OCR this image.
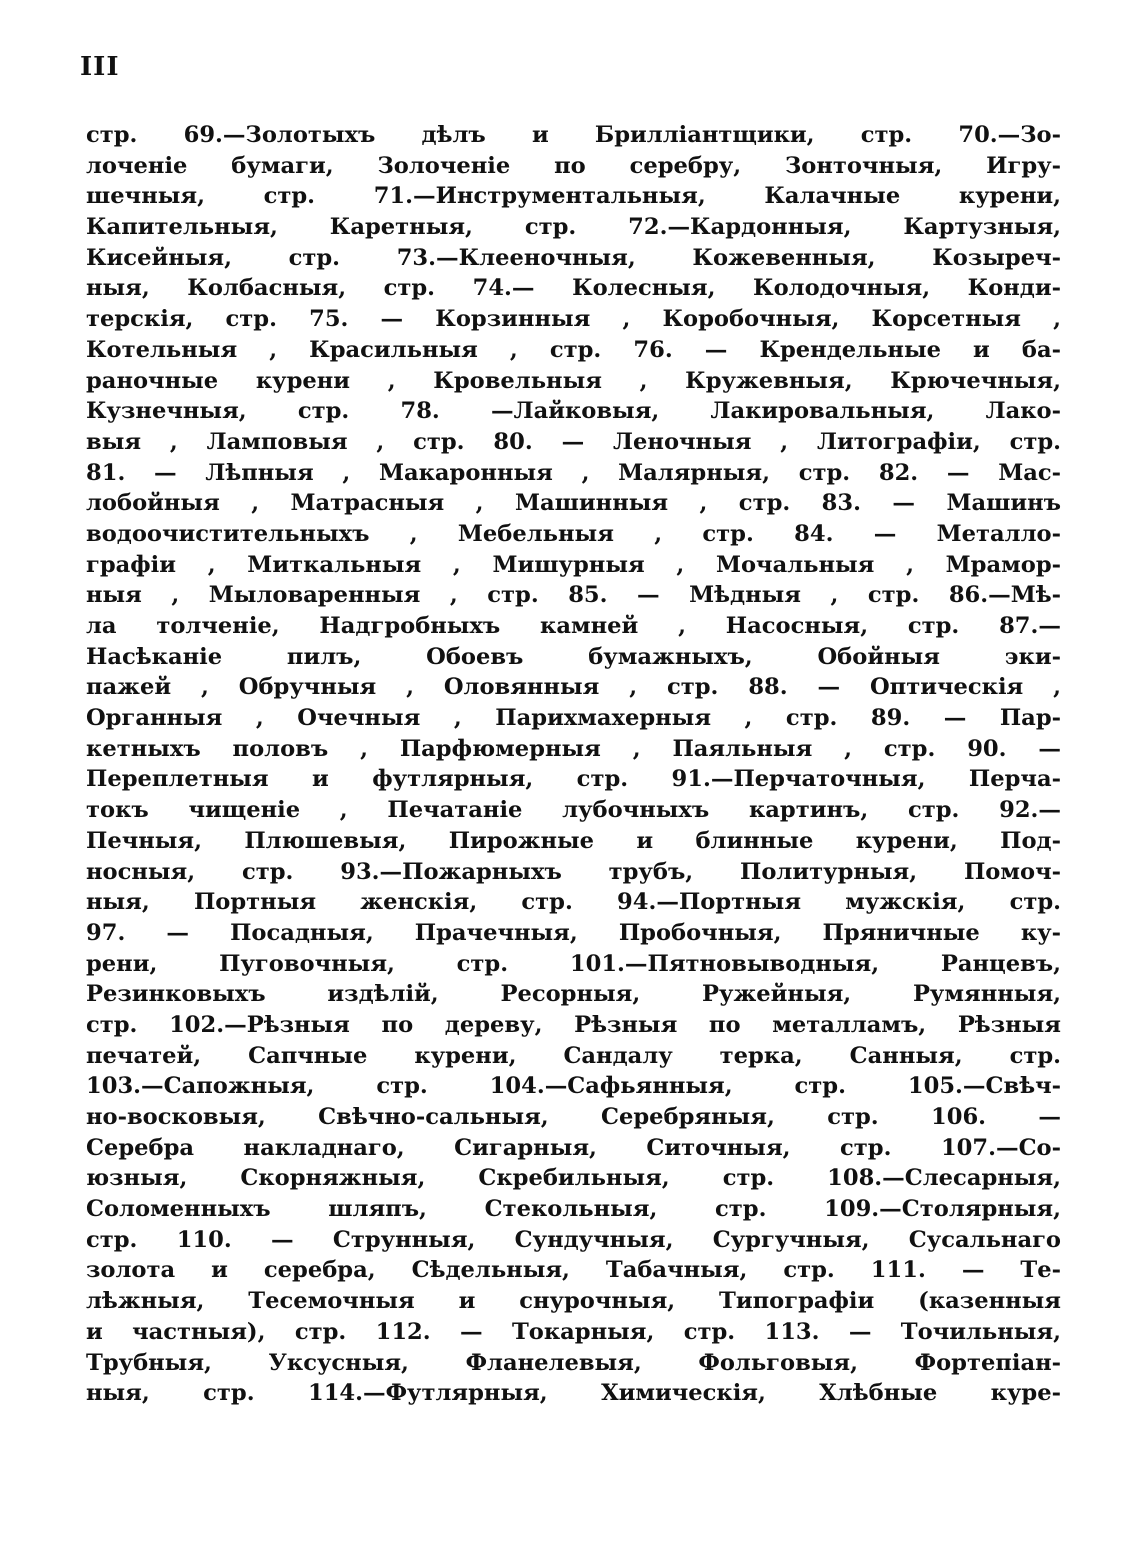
III
стр. 69.—Золотыхъ дѣлъ и Брилліантщики, стр. 70.—Зо-
лоченіе бумаги, Золоченіе по серебру, Зонточныя, Игру-
шечныя, стр. 71.—Инструментальныя, Калачные курени,
Капительныя, Каретныя, стр. 72.—Кардонныя, Картузныя,
Кисейныя, стр. 73.—Клееночныя, Кожевенныя, Козыреч-
ныя, Колбасныя, стр. 74.— Колесныя, Колодочныя, Конди-
терскія, стр. 75. — Корзинныя , Коробочныя, Корсетныя ,
Котельныя , Красильныя , стр. 76. — Крендельные и ба-
раночные курени , Кровельныя , Кружевныя, Крючечныя,
Кузнечныя, стр. 78. —Лайковыя, Лакировальныя, Лако-
выя , Ламповыя , стр. 80. — Леночныя , Литографіи, стр.
81. — Лѣпныя , Макаронныя , Малярныя, стр. 82. — Мас-
лобойныя , Матрасныя , Машинныя , стр. 83. — Машинъ
водоочистительныхъ , Мебельныя , стр. 84. — Металло-
графіи , Миткальныя , Мишурныя , Мочальныя , Мрамор-
ныя , Мыловаренныя , стр. 85. — Мѣдныя , стр. 86.—Мѣ-
ла толченіе, Надгробныхъ камней , Насосныя, стр. 87.—
Насѣканіе пилъ, Обоевъ бумажныхъ, Обойныя эки-
пажей , Обручныя , Оловянныя , стр. 88. — Оптическія ,
Органныя , Очечныя , Парихмахерныя , стр. 89. — Пар-
кетныхъ половъ , Парфюмерныя , Паяльныя , стр. 90. —
Переплетныя и футлярныя, стр. 91.—Перчаточныя, Перча-
токъ чищеніе , Печатаніе лубочныхъ картинъ, стр. 92.—
Печныя, Плюшевыя, Пирожные и блинные курени, Под-
носныя, стр. 93.—Пожарныхъ трубъ, Политурныя, Помоч-
ныя, Портныя женскія, стр. 94.—Портныя мужскія, стр.
97. — Посадныя, Прачечныя, Пробочныя, Пряничные ку-
рени, Пуговочныя, стр. 101.—Пятновыводныя, Ранцевъ,
Резинковыхъ издѣлій, Ресорныя, Ружейныя, Румянныя,
стр. 102.—Рѣзныя по дереву, Рѣзныя по металламъ, Рѣзныя
печатей, Сапчные курени, Сандалу терка, Санныя, стр.
103.—Сапожныя, стр. 104.—Сафьянныя, стр. 105.—Свѣч-
но-восковыя, Свѣчно-сальныя, Серебряныя, стр. 106. —
Серебра накладнаго, Сигарныя, Ситочныя, стр. 107.—Со-
юзныя, Скорняжныя, Скребильныя, стр. 108.—Слесарныя,
Соломенныхъ шляпъ, Стекольныя, стр. 109.—Столярныя,
стр. 110. — Струнныя, Сундучныя, Сургучныя, Сусальнаго
золота и серебра, Сѣдельныя, Табачныя, стр. 111. — Те-
лѣжныя, Тесемочныя и снурочныя, Типографіи (казенныя
и частныя), стр. 112. — Токарныя, стр. 113. — Точильныя,
Трубныя, Уксусныя, Фланелевыя, Фольговыя, Фортепіан-
ныя, стр. 114.—Футлярныя, Химическія, Хлѣбные куре-
